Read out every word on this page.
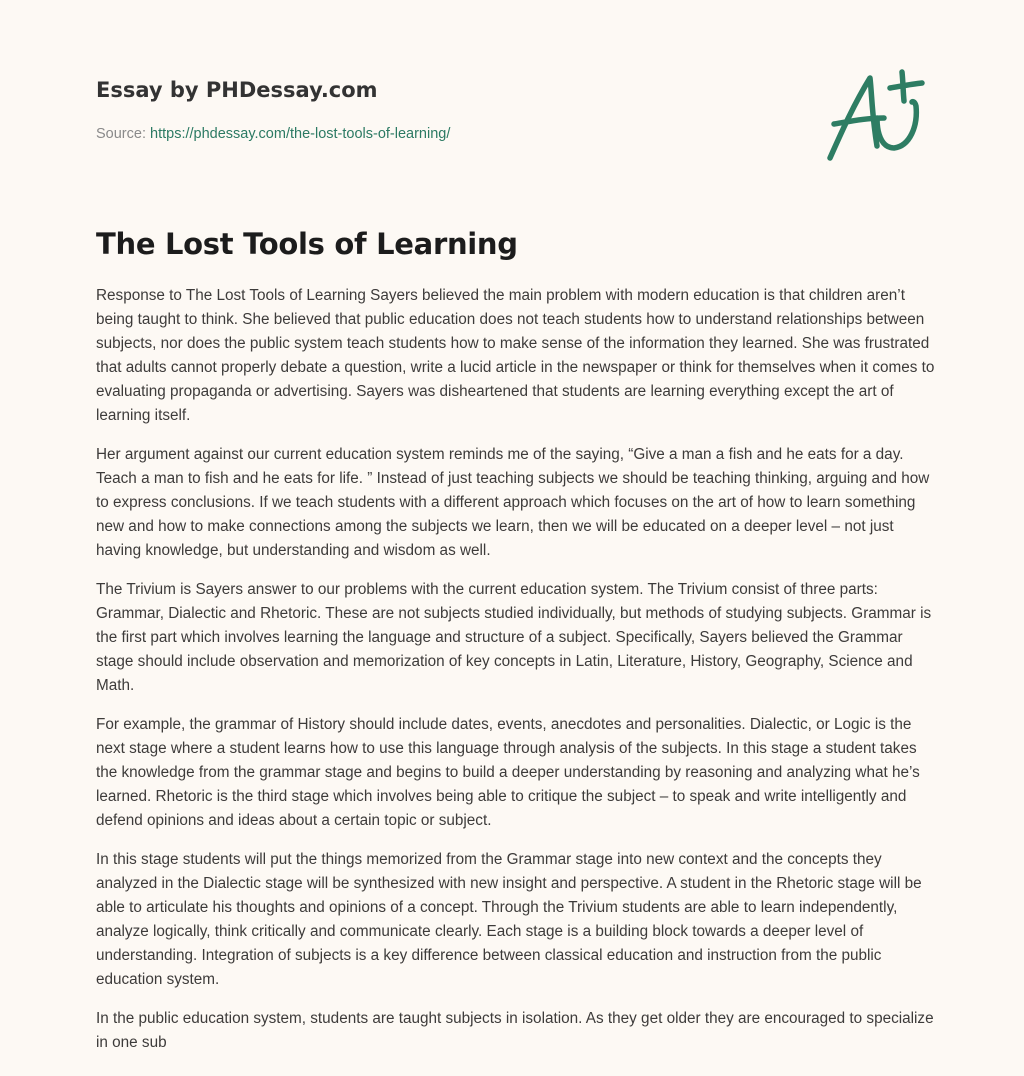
Essay by PHDessay.com
Source: https://phdessay.com/the-lost-tools-of-learning/
The Lost Tools of Learning

Response to The Lost Tools of Learning Sayers believed the main problem with modern education is that children aren’t being taught to think. She believed that public education does not teach students how to understand relationships between subjects, nor does the public system teach students how to make sense of the information they learned. She was frustrated that adults cannot properly debate a question, write a lucid article in the newspaper or think for themselves when it comes to evaluating propaganda or advertising. Sayers was disheartened that students are learning everything except the art of learning itself.

Her argument against our current education system reminds me of the saying, “Give a man a fish and he eats for a day. Teach a man to fish and he eats for life. ” Instead of just teaching subjects we should be teaching thinking, arguing and how to express conclusions. If we teach students with a different approach which focuses on the art of how to learn something new and how to make connections among the subjects we learn, then we will be educated on a deeper level – not just having knowledge, but understanding and wisdom as well.

The Trivium is Sayers answer to our problems with the current education system. The Trivium consist of three parts: Grammar, Dialectic and Rhetoric. These are not subjects studied individually, but methods of studying subjects. Grammar is the first part which involves learning the language and structure of a subject. Specifically, Sayers believed the Grammar stage should include observation and memorization of key concepts in Latin, Literature, History, Geography, Science and Math.

For example, the grammar of History should include dates, events, anecdotes and personalities. Dialectic, or Logic is the next stage where a student learns how to use this language through analysis of the subjects. In this stage a student takes the knowledge from the grammar stage and begins to build a deeper understanding by reasoning and analyzing what he’s learned. Rhetoric is the third stage which involves being able to critique the subject – to speak and write intelligently and defend opinions and ideas about a certain topic or subject.

In this stage students will put the things memorized from the Grammar stage into new context and the concepts they analyzed in the Dialectic stage will be synthesized with new insight and perspective. A student in the Rhetoric stage will be able to articulate his thoughts and opinions of a concept. Through the Trivium students are able to learn independently, analyze logically, think critically and communicate clearly. Each stage is a building block towards a deeper level of understanding. Integration of subjects is a key difference between classical education and instruction from the public education system.

In the public education system, students are taught subjects in isolation. As they get older they are encouraged to specialize in one sub
